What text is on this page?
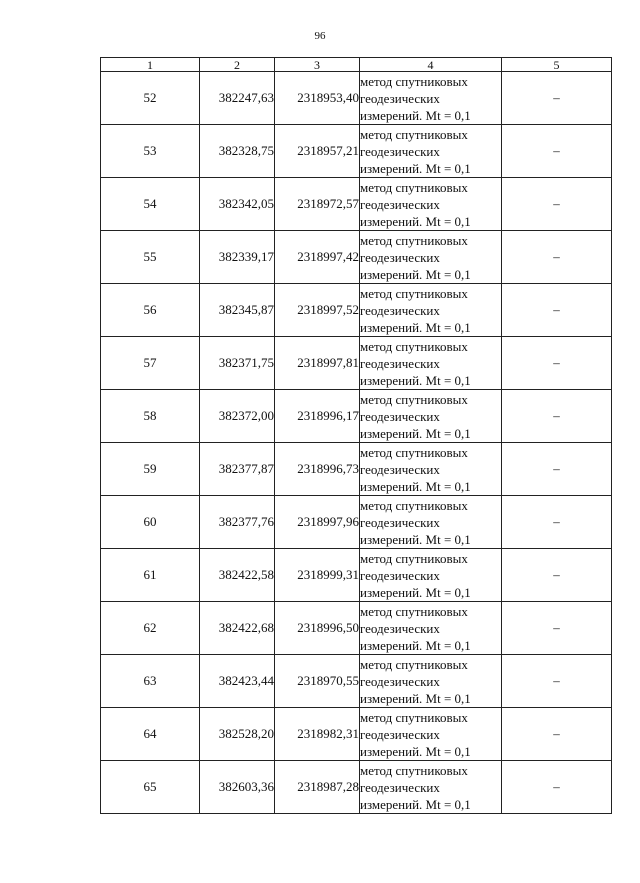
96
1	2	3	4	5
52	382247,63	2318953,40	метод спутниковых
геодезических
измерений. Mt = 0,1	–
53	382328,75	2318957,21	метод спутниковых
геодезических
измерений. Mt = 0,1	–
54	382342,05	2318972,57	метод спутниковых
геодезических
измерений. Mt = 0,1	–
55	382339,17	2318997,42	метод спутниковых
геодезических
измерений. Mt = 0,1	–
56	382345,87	2318997,52	метод спутниковых
геодезических
измерений. Mt = 0,1	–
57	382371,75	2318997,81	метод спутниковых
геодезических
измерений. Mt = 0,1	–
58	382372,00	2318996,17	метод спутниковых
геодезических
измерений. Mt = 0,1	–
59	382377,87	2318996,73	метод спутниковых
геодезических
измерений. Mt = 0,1	–
60	382377,76	2318997,96	метод спутниковых
геодезических
измерений. Mt = 0,1	–
61	382422,58	2318999,31	метод спутниковых
геодезических
измерений. Mt = 0,1	–
62	382422,68	2318996,50	метод спутниковых
геодезических
измерений. Mt = 0,1	–
63	382423,44	2318970,55	метод спутниковых
геодезических
измерений. Mt = 0,1	–
64	382528,20	2318982,31	метод спутниковых
геодезических
измерений. Mt = 0,1	–
65	382603,36	2318987,28	метод спутниковых
геодезических
измерений. Mt = 0,1	–
